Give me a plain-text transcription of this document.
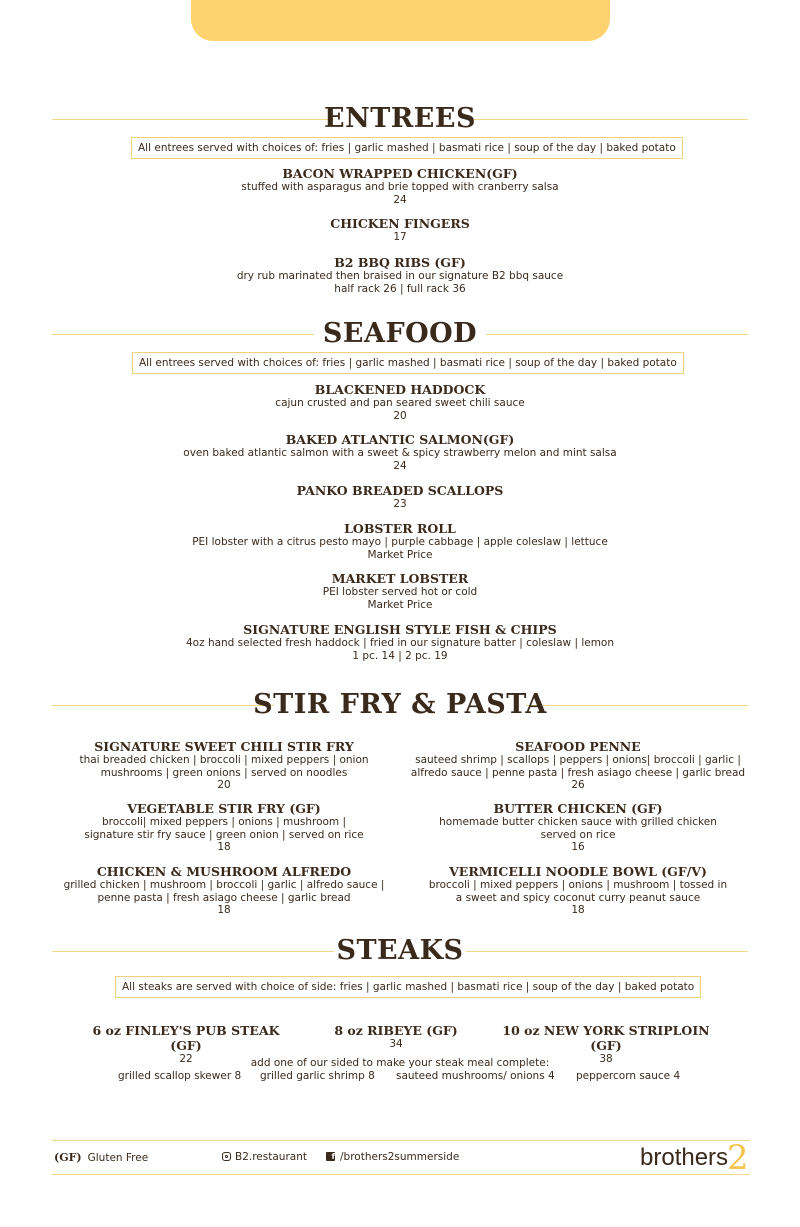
ENTREES
All entrees served with choices of: fries | garlic mashed | basmati rice | soup of the day | baked potato
BACON WRAPPED CHICKEN(GF)
stuffed with asparagus and brie topped with cranberry salsa
24
CHICKEN FINGERS
17
B2 BBQ RIBS (GF)
dry rub marinated then braised in our signature B2 bbq sauce
half rack 26 | full rack 36
SEAFOOD
All entrees served with choices of: fries | garlic mashed | basmati rice | soup of the day | baked potato
BLACKENED HADDOCK
cajun crusted and pan seared sweet chili sauce
20
BAKED ATLANTIC SALMON(GF)
oven baked atlantic salmon with a sweet & spicy strawberry melon and mint salsa
24
PANKO BREADED SCALLOPS
23
LOBSTER ROLL
PEI lobster with a citrus pesto mayo | purple cabbage | apple coleslaw | lettuce
Market Price
MARKET LOBSTER
PEI lobster served hot or cold
Market Price
SIGNATURE ENGLISH STYLE FISH & CHIPS
4oz hand selected fresh haddock | fried in our signature batter | coleslaw | lemon
1 pc. 14 | 2 pc. 19
STIR FRY & PASTA
SIGNATURE SWEET CHILI STIR FRY
thai breaded chicken | broccoli | mixed peppers | onion
mushrooms | green onions | served on noodles
20
VEGETABLE STIR FRY (GF)
broccoli| mixed peppers | onions | mushroom |
signature stir fry sauce | green onion | served on rice
18
CHICKEN & MUSHROOM ALFREDO
grilled chicken | mushroom | broccoli | garlic | alfredo sauce |
penne pasta | fresh asiago cheese | garlic bread
18
SEAFOOD PENNE
sauteed shrimp | scallops | peppers | onions| broccoli | garlic |
alfredo sauce | penne pasta | fresh asiago cheese | garlic bread
26
BUTTER CHICKEN (GF)
homemade butter chicken sauce with grilled chicken
served on rice
16
VERMICELLI NOODLE BOWL (GF/V)
broccoli | mixed peppers | onions | mushroom | tossed in
a sweet and spicy coconut curry peanut sauce
18
STEAKS
All steaks are served with choice of side: fries | garlic mashed | basmati rice | soup of the day | baked potato
6 oz FINLEY'S PUB STEAK (GF)
22
8 oz RIBEYE (GF)
34
10 oz NEW YORK STRIPLOIN (GF)
38
add one of our sided to make your steak meal complete:
grilled scallop skewer 8 grilled garlic shrimp 8 sauteed mushrooms/ onions 4 peppercorn sauce 4
(GF) Gluten Free	B2.restaurant	f /brothers2summerside	brothers2
